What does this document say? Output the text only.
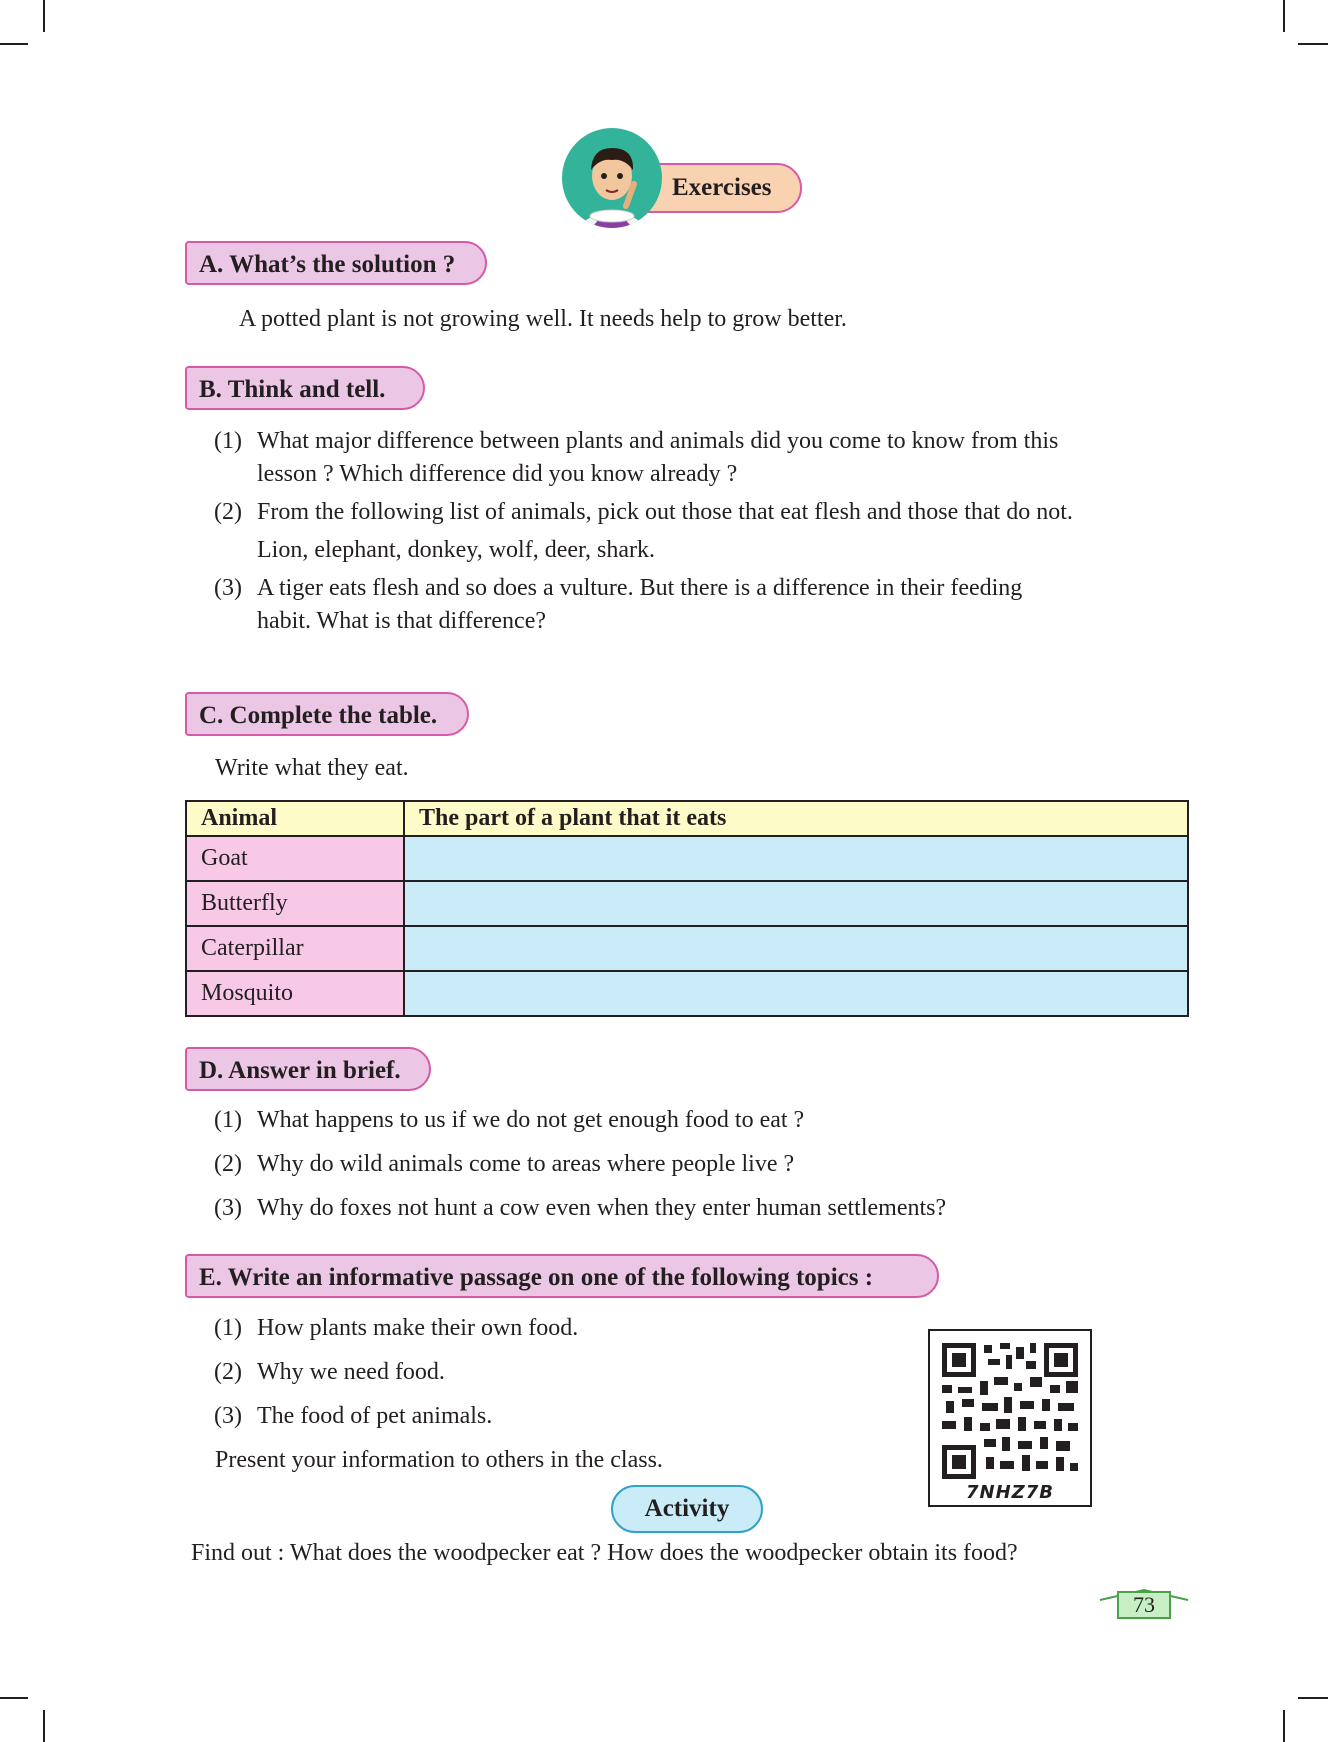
Exercises
A. What’s the solution ?
A potted plant is not growing well. It needs help to grow better.
B. Think and tell.
(1) What major difference between plants and animals did you come to know from this
lesson ? Which difference did you know already ?
(2) From the following list of animals, pick out those that eat flesh and those that do not.
Lion, elephant, donkey, wolf, deer, shark.
(3) A tiger eats flesh and so does a vulture. But there is a difference in their feeding
habit. What is that difference?
C. Complete the table.
Write what they eat.
Animal	The part of a plant that it eats
Goat	
Butterfly	
Caterpillar	
Mosquito	
D. Answer in brief.
(1) What happens to us if we do not get enough food to eat ?
(2) Why do wild animals come to areas where people live ?
(3) Why do foxes not hunt a cow even when they enter human settlements?
E. Write an informative passage on one of the following topics :
(1) How plants make their own food.
(2) Why we need food.
(3) The food of pet animals.
Present your information to others in the class.
7NHZ7B
Activity
Find out : What does the woodpecker eat ? How does the woodpecker obtain its food?
73
